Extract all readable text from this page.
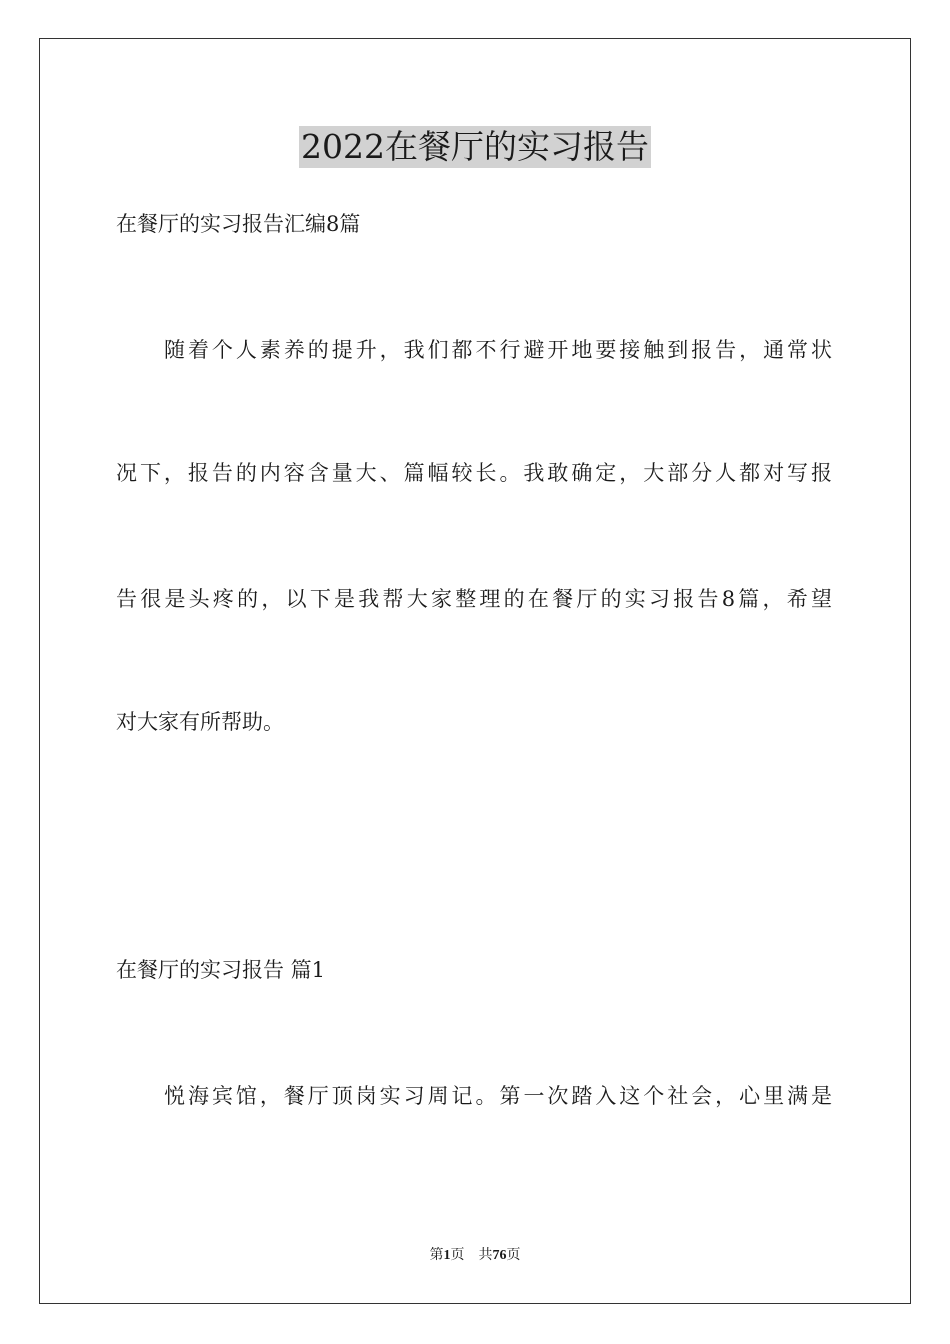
2022在餐厅的实习报告
在餐厅的实习报告汇编8篇
随着个人素养的提升，我们都不行避开地要接触到报告，通常状
况下，报告的内容含量大、篇幅较长。我敢确定，大部分人都对写报
告很是头疼的，以下是我帮大家整理的在餐厅的实习报告8篇，希望
对大家有所帮助。
在餐厅的实习报告 篇1
悦海宾馆，餐厅顶岗实习周记。第一次踏入这个社会，心里满是
第1页 共76页
